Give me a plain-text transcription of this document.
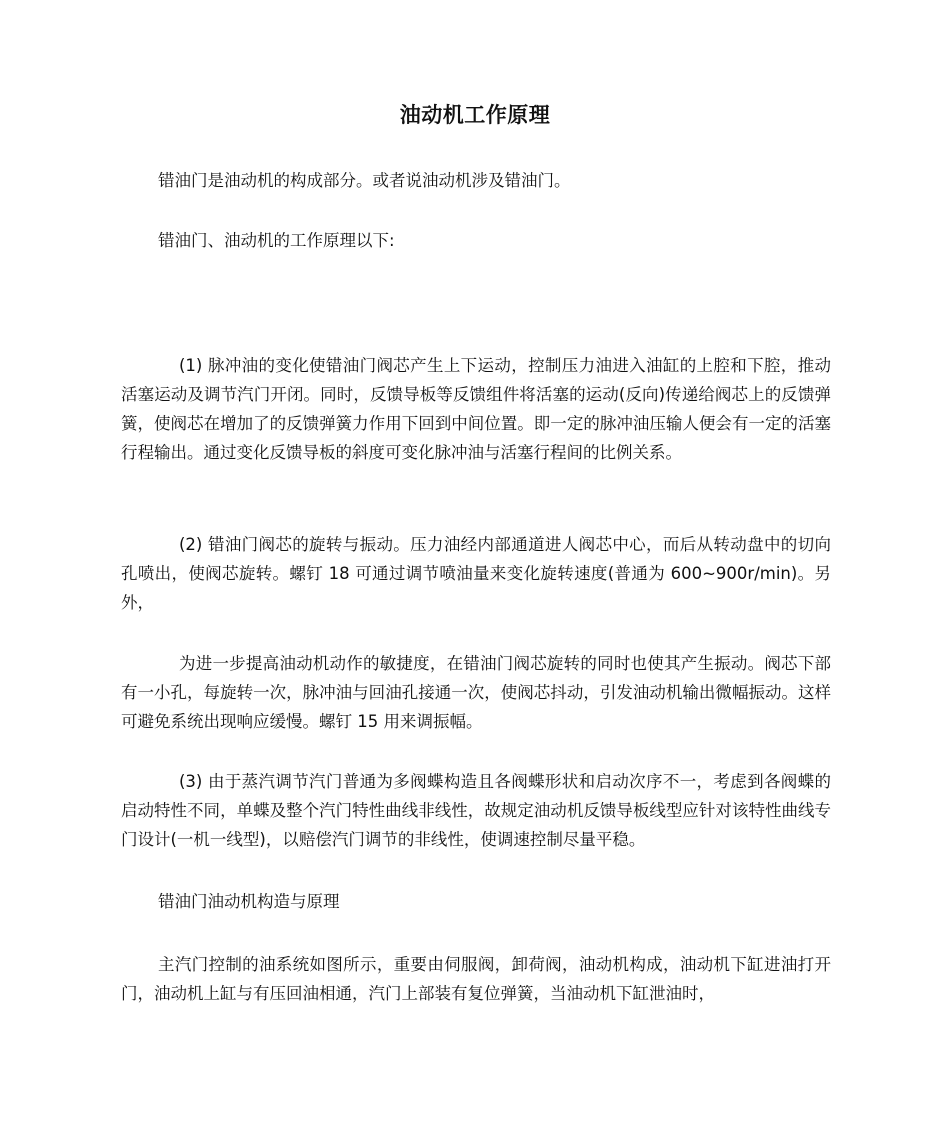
油动机工作原理
错油门是油动机的构成部分。或者说油动机涉及错油门。
错油门、油动机的工作原理以下:
(1) 脉冲油的变化使错油门阀芯产生上下运动，控制压力油进入油缸的上腔和下腔，推动活塞运动及调节汽门开闭。同时，反馈导板等反馈组件将活塞的运动(反向)传递给阀芯上的反馈弹簧，使阀芯在增加了的反馈弹簧力作用下回到中间位置。即一定的脉冲油压输人便会有一定的活塞行程输出。通过变化反馈导板的斜度可变化脉冲油与活塞行程间的比例关系。
(2) 错油门阀芯的旋转与振动。压力油经内部通道进人阀芯中心，而后从转动盘中的切向孔喷出，使阀芯旋转。螺钉 18 可通过调节喷油量来变化旋转速度(普通为 600~900r/min)。另外，
为进一步提高油动机动作的敏捷度，在错油门阀芯旋转的同时也使其产生振动。阀芯下部有一小孔，每旋转一次，脉冲油与回油孔接通一次，使阀芯抖动，引发油动机输出微幅振动。这样可避免系统出现响应缓慢。螺钉 15 用来调振幅。
(3) 由于蒸汽调节汽门普通为多阀蝶构造且各阀蝶形状和启动次序不一，考虑到各阀蝶的启动特性不同，单蝶及整个汽门特性曲线非线性，故规定油动机反馈导板线型应针对该特性曲线专门设计(一机一线型)，以赔偿汽门调节的非线性，使调速控制尽量平稳。
错油门油动机构造与原理
主汽门控制的油系统如图所示，重要由伺服阀，卸荷阀，油动机构成，油动机下缸进油打开门，油动机上缸与有压回油相通，汽门上部装有复位弹簧，当油动机下缸泄油时，
